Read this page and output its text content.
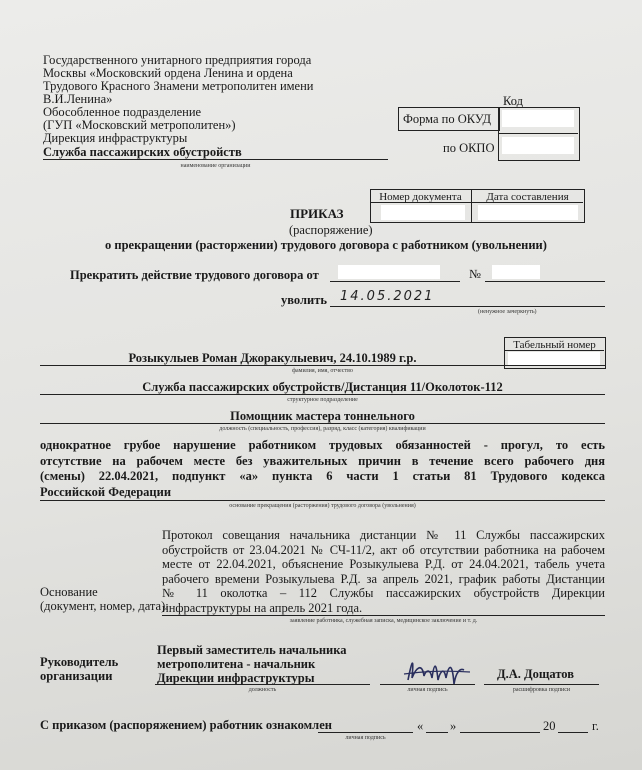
Государственного унитарного предприятия города
Москвы «Московский ордена Ленина и ордена
Трудового Красного Знамени метрополитен имени
В.И.Ленина»
Обособленное подразделение
(ГУП «Московский метрополитен»)
Дирекция инфраструктуры
Служба пассажирских обустройств
наименование организации
Код
Форма по ОКУД
по ОКПО
Номер документа	Дата составления
ПРИКАЗ
(распоряжение)
о прекращении (расторжении) трудового договора с работником (увольнении)
Прекратить действие трудового договора от	№
уволить 14.05.2021
(ненужное зачеркнуть)
Табельный номер
Розыкулыев Роман Джоракулыевич, 24.10.1989 г.р.
фамилия, имя, отчество
Служба пассажирских обустройств/Дистанция 11/Околоток-112
структурное подразделение
Помощник мастера тоннельного
должность (специальность, профессия), разряд, класс (категория) квалификации
однократное грубое нарушение работником трудовых обязанностей - прогул, то есть
отсутствие на рабочем месте без уважительных причин в течение всего рабочего дня
(смены) 22.04.2021, подпункт «а» пункта 6 части 1 статьи 81 Трудового кодекса
Российской Федерации
основание прекращения (расторжения) трудового договора (увольнения)
Протокол совещания начальника дистанции № 11 Службы пассажирских
обустройств от 23.04.2021 № СЧ-11/2, акт об отсутствии работника на рабочем
месте от 22.04.2021, объяснение Розыкулыева Р.Д. от 24.04.2021, табель учета
рабочего времени Розыкулыева Р.Д. за апрель 2021, график работы Дистанции
№ 11 околотка – 112 Службы пассажирских обустройств Дирекции
инфраструктуры на апрель 2021 года.
Основание
(документ, номер, дата):
заявление работника, служебная записка, медицинское заключение и т. д.
Руководитель
организации
Первый заместитель начальника
метрополитена - начальник
Дирекции инфраструктуры
должность	личная подпись
Д.А. Дощатов
расшифровка подписи
С приказом (распоряжением) работник ознакомлен
личная подпись
« »	20	г.
